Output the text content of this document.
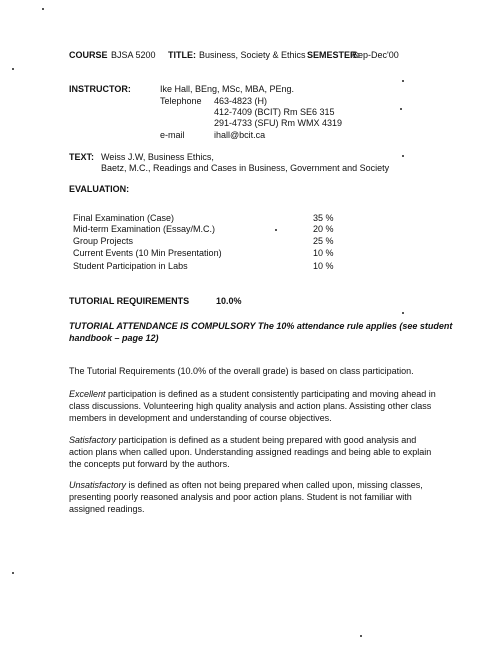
COURSE BJSA 5200 TITLE: Business, Society & Ethics SEMESTER:
Sep-Dec'00
INSTRUCTOR:	Ike Hall, BEng, MSc, MBA, PEng.
Telephone 463-4823 (H)
412-7409 (BCIT) Rm SE6 315
291-4733 (SFU) Rm WMX 4319
e-mail	ihall@bcit.ca
TEXT: Weiss J.W, Business Ethics,
Baetz, M.C., Readings and Cases in Business, Government and Society
EVALUATION:
Final Examination (Case)	35 %
Mid-term Examination (Essay/M.C.)	20 %
Group Projects	25 %
Current Events (10 Min Presentation)	10 %
Student Participation in Labs	10 %
TUTORIAL REQUIREMENTS	10.0%
TUTORIAL ATTENDANCE IS COMPULSORY The 10% attendance rule applies (see student
handbook – page 12)
The Tutorial Requirements (10.0% of the overall grade) is based on class participation.
Excellent participation is defined as a student consistently participating and moving ahead in class discussions. Volunteering high quality analysis and action plans. Assisting other class members in development and understanding of course objectives.
Satisfactory participation is defined as a student being prepared with good analysis and action plans when called upon. Understanding assigned readings and being able to explain the concepts put forward by the authors.
Unsatisfactory is defined as often not being prepared when called upon, missing classes, presenting poorly reasoned analysis and poor action plans. Student is not familiar with assigned readings.
